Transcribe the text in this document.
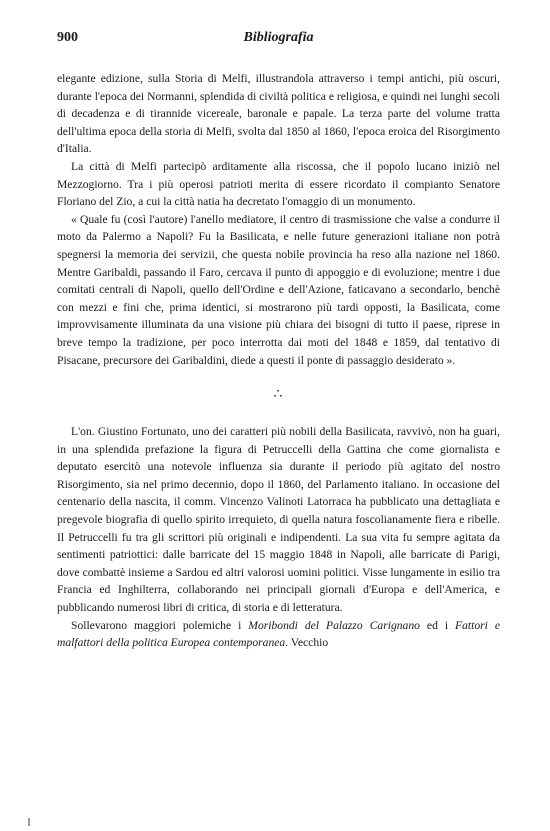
900	Bibliografia

elegante edizione, sulla Storia di Melfi, illustrandola attraverso i tempi antichi, più oscuri, durante l'epoca dei Normanni, splendida di civiltà politica e religiosa, e quindi nei lunghi secoli di decadenza e di tirannide vicereale, baronale e papale. La terza parte del volume tratta dell'ultima epoca della storia di Melfi, svolta dal 1850 al 1860, l'epoca eroica del Risorgimento d'Italia.

La città di Melfi partecipò arditamente alla riscossa, che il popolo lucano iniziò nel Mezzogiorno. Tra i più operosi patrioti merita di essere ricordato il compianto Senatore Floriano del Zio, a cui la città natia ha decretato l'omaggio di un monumento.

« Quale fu (così l'autore) l'anello mediatore, il centro di trasmissione che valse a condurre il moto da Palermo a Napoli? Fu la Basilicata, e nelle future generazioni italiane non potrà spegnersi la memoria dei servizii, che questa nobile provincia ha reso alla nazione nel 1860. Mentre Garibaldi, passando il Faro, cercava il punto di appoggio e di evoluzione; mentre i due comitati centrali di Napoli, quello dell'Ordine e dell'Azione, faticavano a secondarlo, benchè con mezzi e fini che, prima identici, si mostrarono più tardi opposti, la Basilicata, come improvvisamente illuminata da una visione più chiara dei bisogni di tutto il paese, riprese in breve tempo la tradizione, per poco interrotta dai moti del 1848 e 1859, dal tentativo di Pisacane, precursore dei Garibaldini, diede a questi il ponte di passaggio desiderato ».

∴

L'on. Giustino Fortunato, uno dei caratteri più nobili della Basilicata, ravvivò, non ha guari, in una splendida prefazione la figura di Petruccelli della Gattina che come giornalista e deputato esercitò una notevole influenza sia durante il periodo più agitato del nostro Risorgimento, sia nel primo decennio, dopo il 1860, del Parlamento italiano. In occasione del centenario della nascita, il comm. Vincenzo Valinoti Latorraca ha pubblicato una dettagliata e pregevole biografia di quello spirito irrequieto, di quella natura foscolianamente fiera e ribelle. Il Petruccelli fu tra gli scrittori più originali e indipendenti. La sua vita fu sempre agitata da sentimenti patriottici: dalle barricate del 15 maggio 1848 in Napoli, alle barricate di Parigi, dove combattè insieme a Sardou ed altri valorosi uomini politici. Visse lungamente in esilio tra Francia ed Inghilterra, collaborando nei principali giornali d'Europa e dell'America, e pubblicando numerosi libri di critica, di storia e di letteratura.

Sollevarono maggiori polemiche i Moribondi del Palazzo Carignano ed i Fattori e malfattori della politica Europea contemporanea. Vecchio
